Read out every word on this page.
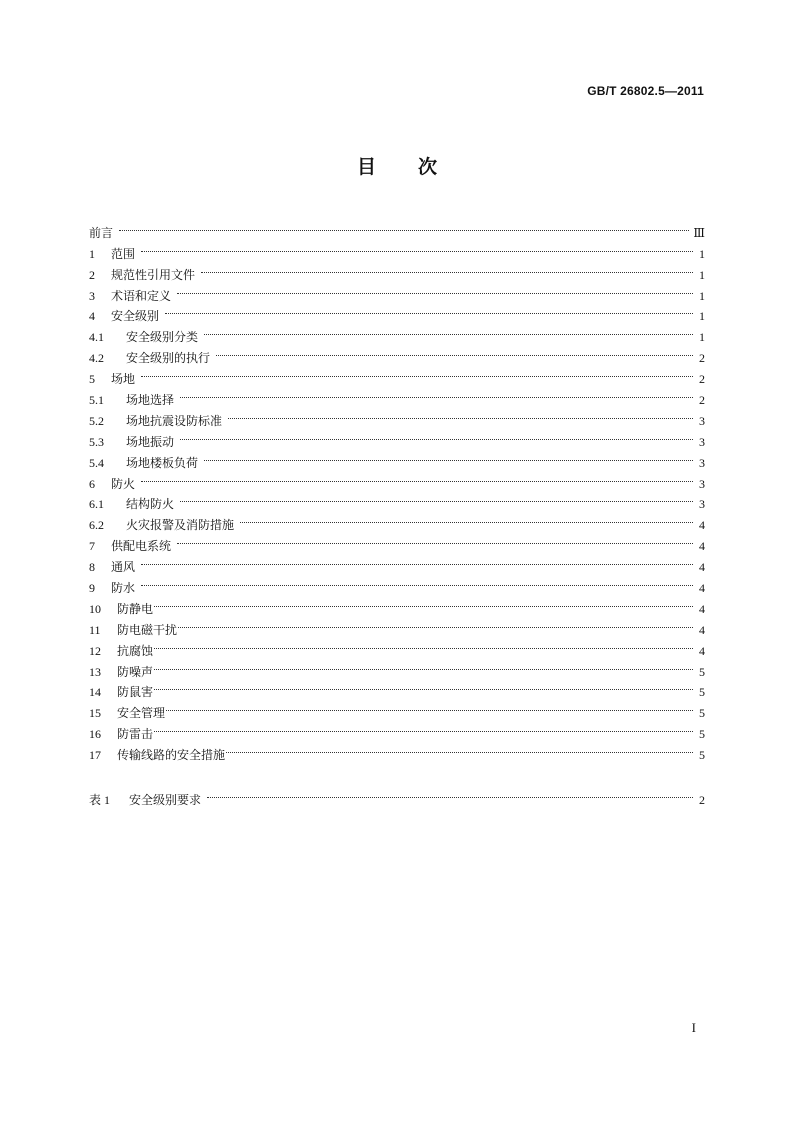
GB/T 26802.5—2011
目次
前言	Ⅲ
1	范围	1
2	规范性引用文件	1
3	术语和定义	1
4	安全级别	1
4.1	安全级别分类	1
4.2	安全级别的执行	2
5	场地	2
5.1	场地选择	2
5.2	场地抗震设防标准	3
5.3	场地振动	3
5.4	场地楼板负荷	3
6	防火	3
6.1	结构防火	3
6.2	火灾报警及消防措施	4
7	供配电系统	4
8	通风	4
9	防水	4
10	防静电	4
11	防电磁干扰	4
12	抗腐蚀	4
13	防噪声	5
14	防鼠害	5
15	安全管理	5
16	防雷击	5
17	传输线路的安全措施	5
表 1	安全级别要求	2
I
